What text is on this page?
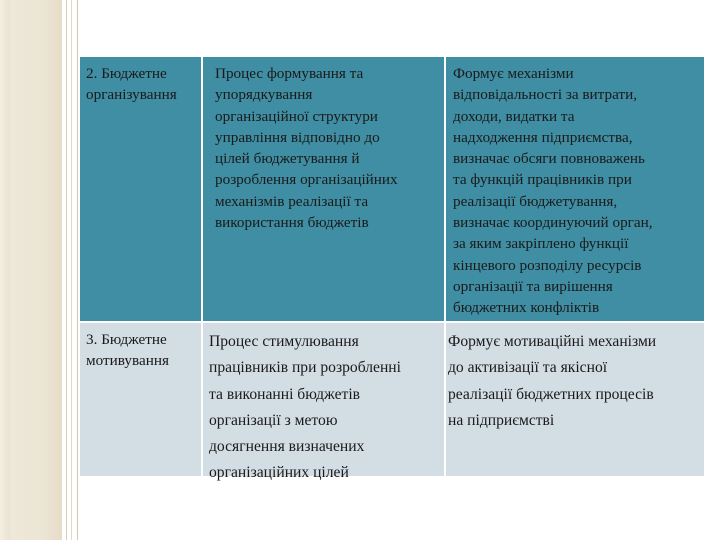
2. Бюджетне
організування
Процес формування та
упорядкування
організаційної структури
управління відповідно до
цілей бюджетування й
розроблення організаційних
механізмів реалізації та
використання бюджетів
Формує механізми
відповідальності за витрати,
доходи, видатки та
надходження підприємства,
визначає обсяги повноважень
та функцій працівників при
реалізації бюджетування,
визначає координуючий орган,
за яким закріплено функції
кінцевого розподілу ресурсів
організації та вирішення
бюджетних конфліктів
3. Бюджетне
мотивування
Процес стимулювання
працівників при розробленні
та виконанні бюджетів
організації з метою
досягнення визначених
організаційних цілей
Формує мотиваційні механізми
до активізації та якісної
реалізації бюджетних процесів
на підприємстві
